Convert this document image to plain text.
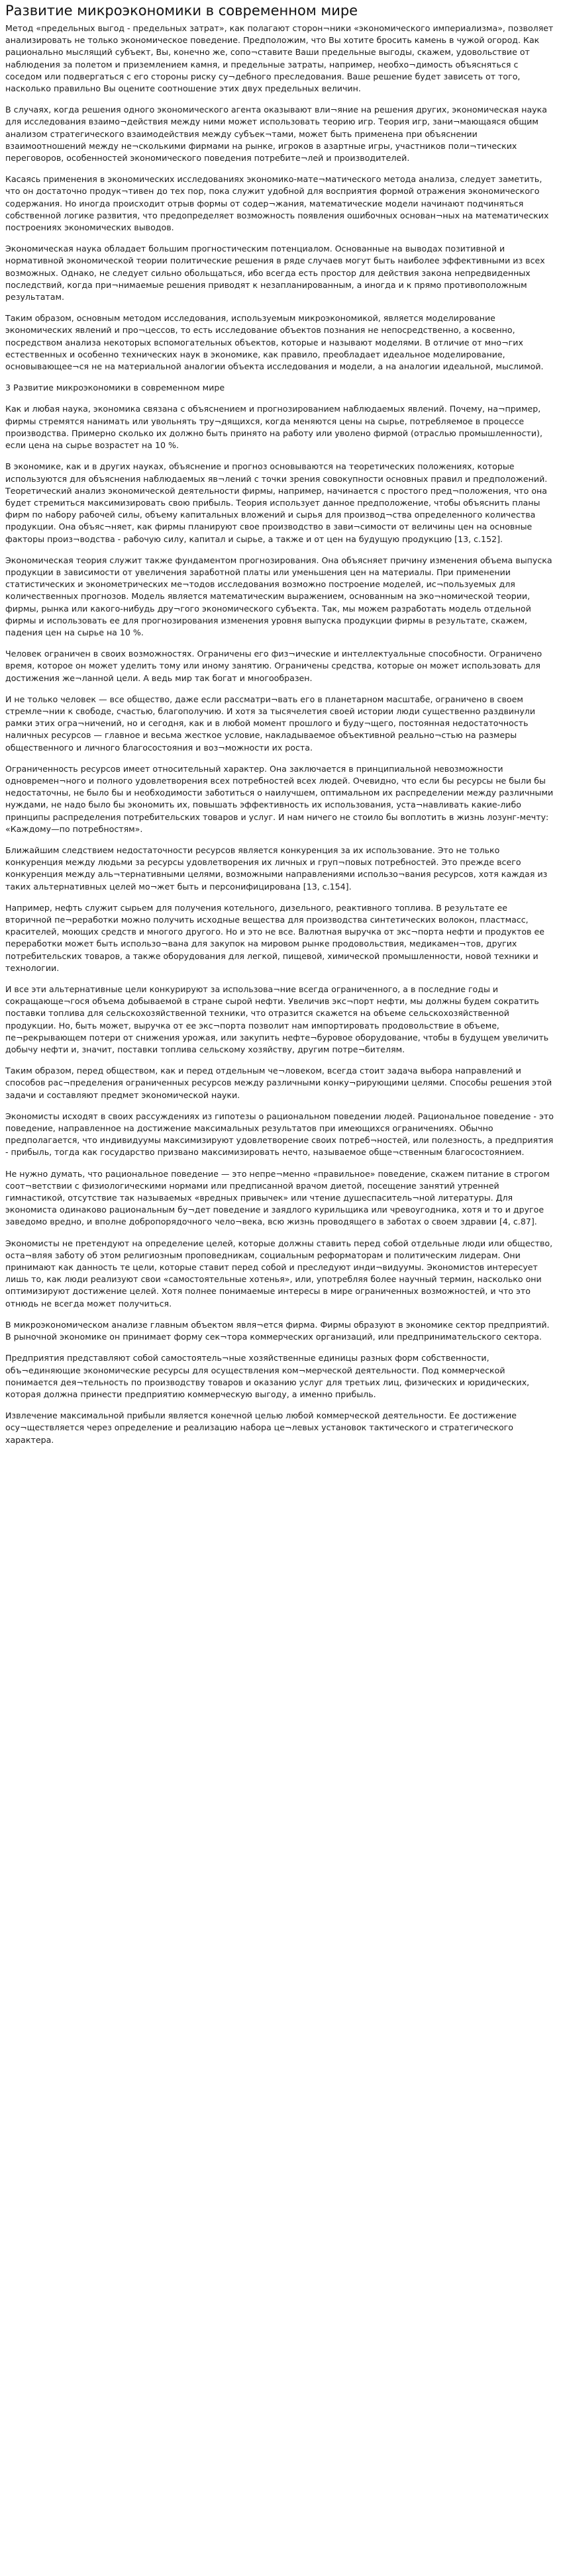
Развитие микроэкономики в современном мире

Метод «предельных выгод - предельных затрат», как полагают сторон¬ники «экономического империализма», позволяет анализировать не только экономическое поведение. Предположим, что Вы хотите бросить камень в чужой огород. Как рационально мыслящий субъект, Вы, конечно же, сопо¬ставите Ваши предельные выгоды, скажем, удовольствие от наблюдения за полетом и приземлением камня, и предельные затраты, например, необхо¬димость объясняться с соседом или подвергаться с его стороны риску су¬дебного преследования. Ваше решение будет зависеть от того, насколько правильно Вы оцените соотношение этих двух предельных величин.

В случаях, когда решения одного экономического агента оказывают вли¬яние на решения других, экономическая наука для исследования взаимо¬действия между ними может использовать теорию игр. Теория игр, зани¬мающаяся общим анализом стратегического взаимодействия между субъек¬тами, может быть применена при объяснении взаимоотношений между не¬сколькими фирмами на рынке, игроков в азартные игры, участников поли¬тических переговоров, особенностей экономического поведения потребите¬лей и производителей.

Касаясь применения в экономических исследованиях экономико-мате¬матического метода анализа, следует заметить, что он достаточно продук¬тивен до тех пор, пока служит удобной для восприятия формой отражения экономического содержания. Но иногда происходит отрыв формы от содер¬жания, математические модели начинают подчиняться собственной логике развития, что предопределяет возможность появления ошибочных основан¬ных на математических построениях экономических выводов.

Экономическая наука обладает большим прогностическим потенциалом. Основанные на выводах позитивной и нормативной экономической теории политические решения в ряде случаев могут быть наиболее эффективными из всех возможных. Однако, не следует сильно обольщаться, ибо всегда есть простор для действия закона непредвиденных последствий, когда при¬нимаемые решения приводят к незапланированным, а иногда и к прямо противоположным результатам.

Таким образом, основным методом исследования, используемым микроэкономикой, является моделирование экономических явлений и про¬цессов, то есть исследование объектов познания не непосредственно, а косвенно, посредством анализа некоторых вспомогательных объектов, которые и называют моделями. В отличие от мно¬гих естественных и особенно технических наук в экономике, как правило, преобладает идеальное моделирование, основывающее¬ся не на материальной аналогии объекта исследования и модели, а на аналогии идеальной, мыслимой.

3 Развитие микроэкономики в современном мире

Как и любая наука, экономика связана с объяснением и прогнозированием наблюдаемых явлений. Почему, на¬пример, фирмы стремятся нанимать или увольнять тру¬дящихся, когда меняются цены на сырье, потребляемое в процессе производства. Примерно сколько их должно быть принято на работу или уволено фирмой (отраслью промышленности), если цена на сырье возрастет на 10 %.

В экономике, как и в других науках, объяснение и прогноз основываются на теоретических положениях, которые используются для объяснения наблюдаемых яв¬лений с точки зрения совокупности основных правил и предположений. Теоретический анализ экономической деятельности фирмы, например, начинается с простого пред¬положения, что она будет стремиться максимизировать свою прибыль. Теория использует данное предположение, чтобы объяснить планы фирм по набору рабочей силы, объему капитальных вложений и сырья для производ¬ства определенного количества продукции. Она объяс¬няет, как фирмы планируют свое производство в зави¬симости от величины цен на основные факторы произ¬водства - рабочую силу, капитал и сырье, а также и от цен на будущую продукцию [13, c.152].

Экономическая теория служит также фундаментом прогнозирования. Она объясняет причину изменения объема выпуска продукции в зависимости от увеличения заработной платы или уменьшения цен на материалы. При применении статистических и эконометрических ме¬тодов исследования возможно построение моделей, ис¬пользуемых для количественных прогнозов. Модель является математическим выражением, основанным на эко¬номической теории, фирмы, рынка или какого-нибудь дру¬гого экономического субъекта. Так, мы можем разработать модель отдельной фирмы и использовать ее для прогнозирования изменения уровня выпуска продукции фирмы в результате, скажем, падения цен на сырье на 10 %.

Человек ограничен в своих возможностях. Ограничены его физ¬ические и интеллектуальные способности. Ограничено время, которое он может уделить тому или иному занятию. Ограничены средства, которые он может использовать для достижения же¬ланной цели. А ведь мир так богат и многообразен.

И не только человек — все общество, даже если рассматри¬вать его в планетарном масштабе, ограничено в своем стремле¬нии к свободе, счастью, благополучию. И хотя за тысячелетия своей истории люди существенно раздвинули рамки этих огра¬ничений, но и сегодня, как и в любой момент прошлого и буду¬щего, постоянная недостаточность наличных ресурсов — главное и весьма жесткое условие, накладываемое объективной реально¬стью на размеры общественного и личного благосостояния и воз¬можности их роста.

Ограниченность ресурсов имеет относительный характер. Она заключается в принципиальной невозможности одновремен¬ного и полного удовлетворения всех потребностей всех людей. Очевидно, что если бы ресурсы не были бы недостаточны, не было бы и необходимости заботиться о наилучшем, оптимальном их распределении между различными нуждами, не надо было бы экономить их, повышать эффективность их использования, уста¬навливать какие-либо принципы распределения потребительских товаров и услуг. И нам ничего не стоило бы воплотить в жизнь лозунг-мечту: «Каждому—по потребностям».

Ближайшим следствием недостаточности ресурсов является конкуренция за их использование. Это не только конкуренция между людьми за ресурсы удовлетворения их личных и груп¬повых потребностей. Это прежде всего конкуренция между аль¬тернативными целями, возможными направлениями использо¬вания ресурсов, хотя каждая из таких альтернативных целей мо¬жет быть и персонифицирована [13, c.154].

Например, нефть служит сырьем для получения котельного, дизельного, реактивного топлива. В результате ее вторичной пе¬реработки можно получить исходные вещества для производства синтетических волокон, пластмасс, красителей, моющих средств и многого другого. Но и это не все. Валютная выручка от экс¬порта нефти и продуктов ее переработки может быть использо¬вана для закупок на мировом рынке продовольствия, медикамен¬тов, других потребительских товаров, а также оборудования для легкой, пищевой, химической промышленности, новой техники и технологии.

И все эти альтернативные цели конкурируют за использова¬ние всегда ограниченного, а в последние годы и сокращающе¬гося объема добываемой в стране сырой нефти. Увеличив экс¬порт нефти, мы должны будем сократить поставки топлива для сельскохозяйственной техники, что отразится скажется на объеме сельскохозяйственной продукции. Но, быть может, выручка от ее экс¬порта позволит нам импортировать продовольствие в объеме, пе¬рекрывающем потери от снижения урожая, или закупить нефте¬буровое оборудование, чтобы в будущем увеличить добычу нефти и, значит, поставки топлива сельскому хозяйству, другим потре¬бителям.

Таким образом, перед обществом, как и перед отдельным че¬ловеком, всегда стоит задача выбора направлений и способов рас¬пределения ограниченных ресурсов между различными конку¬рирующими целями. Способы решения этой задачи и составляют предмет экономической науки.

Экономисты исходят в своих рассуждениях из гипотезы о рациональном поведении людей. Рациональное поведение - это поведение, направленное на достижение максимальных результатов при имеющихся ограничениях. Обычно предполагается, что индивидуумы максимизируют удовлетворение своих потреб¬ностей, или полезность, а предприятия - прибыль, тогда как государство призвано максимизировать нечто, называемое обще¬ственным благосостоянием.

Не нужно думать, что рациональное поведение — это непре¬менно «правильное» поведение, скажем питание в строгом соот¬ветствии с физиологическими нормами или предписанной врачом диетой, посещение занятий утренней гимнастикой, отсутствие так называемых «вредных привычек» или чтение душеспаситель¬ной литературы. Для экономиста одинаково рациональным бу¬дет поведение и заядлого курильщика или чревоугодника, хотя и то и другое заведомо вредно, и вполне добропорядочного чело¬века, всю жизнь проводящего в заботах о своем здравии [4, c.87].

Экономисты не претендуют на определение целей, которые должны ставить перед собой отдельные люди или общество, оста¬вляя заботу об этом религиозным проповедникам, социальным реформаторам и политическим лидерам. Они принимают как данность те цели, которые ставит перед собой и преследуют инди¬видуумы. Экономистов интересует лишь то, как люди реализуют свои «самостоятельные хотенья», или, употребляя более научный термин, насколько они оптимизируют достижение целей. Хотя полнее понимаемые интересы в мире ограниченных возможностей, и что это отнюдь не всегда может получиться.

В микроэкономическом анализе главным объектом явля¬ется фирма. Фирмы образуют в экономике сектор предприятий. В рыночной экономике он принимает форму сек¬тора коммерческих организаций, или предпринимательского сектора.

Предприятия представляют собой самостоятель¬ные хозяйственные единицы разных форм собственности, объ¬единяющие экономические ресурсы для осуществления ком¬мерческой деятельности. Под коммерческой понимается дея¬тельность по производству товаров и оказанию услуг для третьих лиц, физических и юридических, которая должна принести предприятию коммерческую выгоду, а именно прибыль.

Извлечение максимальной прибыли является конечной целью любой коммерческой деятельности. Ее достижение осу¬ществляется через определение и реализацию набора це¬левых установок тактического и стратегического характера.
